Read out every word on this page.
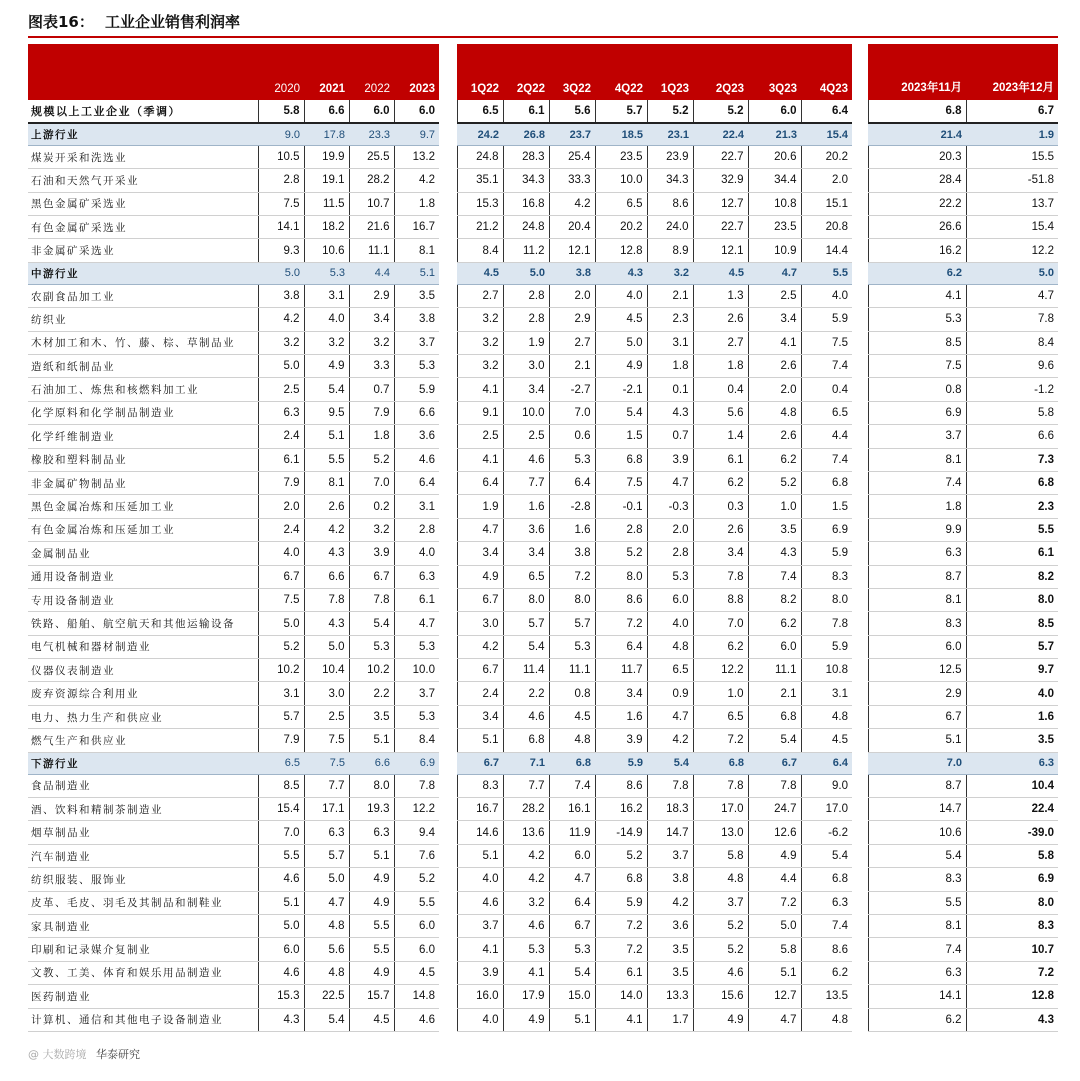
图表16： 工业企业销售利润率
	2020	2021	2022	2023		1Q22	2Q22	3Q22	4Q22	1Q23	2Q23	3Q23	4Q23		2023年11月	2023年12月
规模以上工业企业（季调）	5.8	6.6	6.0	6.0		6.5	6.1	5.6	5.7	5.2	5.2	6.0	6.4		6.8	6.7
上游行业	9.0	17.8	23.3	9.7		24.2	26.8	23.7	18.5	23.1	22.4	21.3	15.4		21.4	1.9
煤炭开采和洗选业	10.5	19.9	25.5	13.2		24.8	28.3	25.4	23.5	23.9	22.7	20.6	20.2		20.3	15.5
石油和天然气开采业	2.8	19.1	28.2	4.2		35.1	34.3	33.3	10.0	34.3	32.9	34.4	2.0		28.4	-51.8
黑色金属矿采选业	7.5	11.5	10.7	1.8		15.3	16.8	4.2	6.5	8.6	12.7	10.8	15.1		22.2	13.7
有色金属矿采选业	14.1	18.2	21.6	16.7		21.2	24.8	20.4	20.2	24.0	22.7	23.5	20.8		26.6	15.4
非金属矿采选业	9.3	10.6	11.1	8.1		8.4	11.2	12.1	12.8	8.9	12.1	10.9	14.4		16.2	12.2
中游行业	5.0	5.3	4.4	5.1		4.5	5.0	3.8	4.3	3.2	4.5	4.7	5.5		6.2	5.0
农副食品加工业	3.8	3.1	2.9	3.5		2.7	2.8	2.0	4.0	2.1	1.3	2.5	4.0		4.1	4.7
纺织业	4.2	4.0	3.4	3.8		3.2	2.8	2.9	4.5	2.3	2.6	3.4	5.9		5.3	7.8
木材加工和木、竹、藤、棕、草制品业	3.2	3.2	3.2	3.7		3.2	1.9	2.7	5.0	3.1	2.7	4.1	7.5		8.5	8.4
造纸和纸制品业	5.0	4.9	3.3	5.3		3.2	3.0	2.1	4.9	1.8	1.8	2.6	7.4		7.5	9.6
石油加工、炼焦和核燃料加工业	2.5	5.4	0.7	5.9		4.1	3.4	-2.7	-2.1	0.1	0.4	2.0	0.4		0.8	-1.2
化学原料和化学制品制造业	6.3	9.5	7.9	6.6		9.1	10.0	7.0	5.4	4.3	5.6	4.8	6.5		6.9	5.8
化学纤维制造业	2.4	5.1	1.8	3.6		2.5	2.5	0.6	1.5	0.7	1.4	2.6	4.4		3.7	6.6
橡胶和塑料制品业	6.1	5.5	5.2	4.6		4.1	4.6	5.3	6.8	3.9	6.1	6.2	7.4		8.1	7.3
非金属矿物制品业	7.9	8.1	7.0	6.4		6.4	7.7	6.4	7.5	4.7	6.2	5.2	6.8		7.4	6.8
黑色金属冶炼和压延加工业	2.0	2.6	0.2	3.1		1.9	1.6	-2.8	-0.1	-0.3	0.3	1.0	1.5		1.8	2.3
有色金属冶炼和压延加工业	2.4	4.2	3.2	2.8		4.7	3.6	1.6	2.8	2.0	2.6	3.5	6.9		9.9	5.5
金属制品业	4.0	4.3	3.9	4.0		3.4	3.4	3.8	5.2	2.8	3.4	4.3	5.9		6.3	6.1
通用设备制造业	6.7	6.6	6.7	6.3		4.9	6.5	7.2	8.0	5.3	7.8	7.4	8.3		8.7	8.2
专用设备制造业	7.5	7.8	7.8	6.1		6.7	8.0	8.0	8.6	6.0	8.8	8.2	8.0		8.1	8.0
铁路、船舶、航空航天和其他运输设备	5.0	4.3	5.4	4.7		3.0	5.7	5.7	7.2	4.0	7.0	6.2	7.8		8.3	8.5
电气机械和器材制造业	5.2	5.0	5.3	5.3		4.2	5.4	5.3	6.4	4.8	6.2	6.0	5.9		6.0	5.7
仪器仪表制造业	10.2	10.4	10.2	10.0		6.7	11.4	11.1	11.7	6.5	12.2	11.1	10.8		12.5	9.7
废弃资源综合利用业	3.1	3.0	2.2	3.7		2.4	2.2	0.8	3.4	0.9	1.0	2.1	3.1		2.9	4.0
电力、热力生产和供应业	5.7	2.5	3.5	5.3		3.4	4.6	4.5	1.6	4.7	6.5	6.8	4.8		6.7	1.6
燃气生产和供应业	7.9	7.5	5.1	8.4		5.1	6.8	4.8	3.9	4.2	7.2	5.4	4.5		5.1	3.5
下游行业	6.5	7.5	6.6	6.9		6.7	7.1	6.8	5.9	5.4	6.8	6.7	6.4		7.0	6.3
食品制造业	8.5	7.7	8.0	7.8		8.3	7.7	7.4	8.6	7.8	7.8	7.8	9.0		8.7	10.4
酒、饮料和精制茶制造业	15.4	17.1	19.3	12.2		16.7	28.2	16.1	16.2	18.3	17.0	24.7	17.0		14.7	22.4
烟草制品业	7.0	6.3	6.3	9.4		14.6	13.6	11.9	-14.9	14.7	13.0	12.6	-6.2		10.6	-39.0
汽车制造业	5.5	5.7	5.1	7.6		5.1	4.2	6.0	5.2	3.7	5.8	4.9	5.4		5.4	5.8
纺织服装、服饰业	4.6	5.0	4.9	5.2		4.0	4.2	4.7	6.8	3.8	4.8	4.4	6.8		8.3	6.9
皮革、毛皮、羽毛及其制品和制鞋业	5.1	4.7	4.9	5.5		4.6	3.2	6.4	5.9	4.2	3.7	7.2	6.3		5.5	8.0
家具制造业	5.0	4.8	5.5	6.0		3.7	4.6	6.7	7.2	3.6	5.2	5.0	7.4		8.1	8.3
印刷和记录媒介复制业	6.0	5.6	5.5	6.0		4.1	5.3	5.3	7.2	3.5	5.2	5.8	8.6		7.4	10.7
文教、工美、体育和娱乐用品制造业	4.6	4.8	4.9	4.5		3.9	4.1	5.4	6.1	3.5	4.6	5.1	6.2		6.3	7.2
医药制造业	15.3	22.5	15.7	14.8		16.0	17.9	15.0	14.0	13.3	15.6	12.7	13.5		14.1	12.8
计算机、通信和其他电子设备制造业	4.3	5.4	4.5	4.6		4.0	4.9	5.1	4.1	1.7	4.9	4.7	4.8		6.2	4.3
@ 大数跨境 华泰研究
